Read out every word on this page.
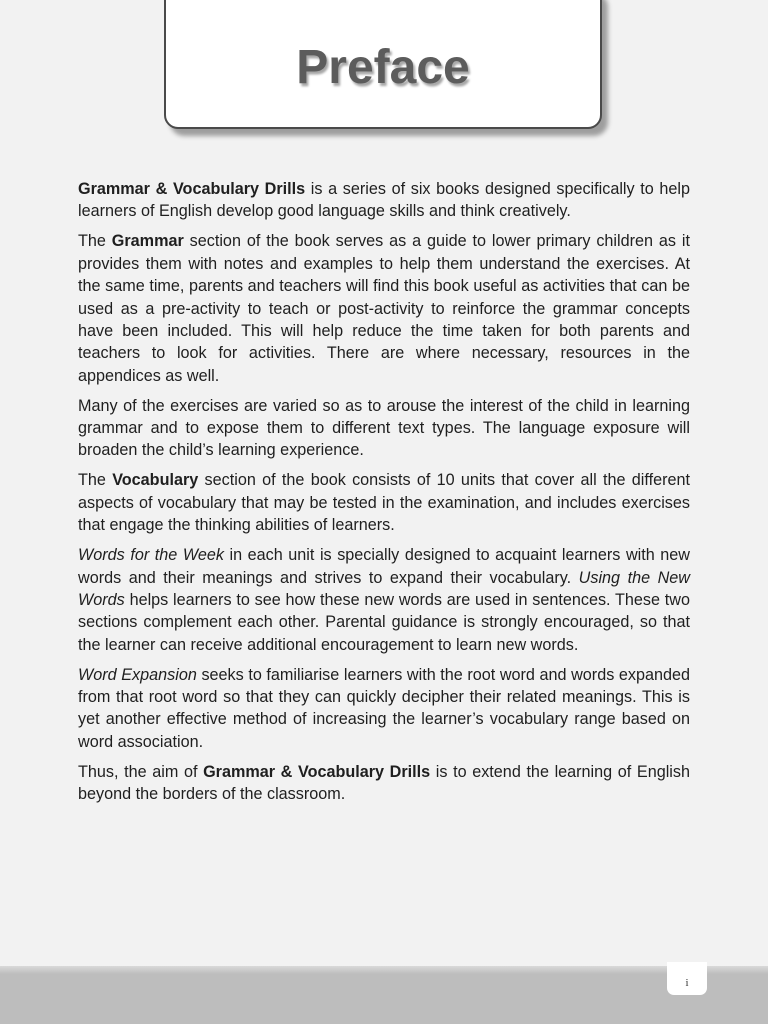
Preface

Grammar & Vocabulary Drills is a series of six books designed specifically to help learners of English develop good language skills and think creatively.

The Grammar section of the book serves as a guide to lower primary children as it provides them with notes and examples to help them understand the exercises. At the same time, parents and teachers will find this book useful as activities that can be used as a pre-activity to teach or post-activity to reinforce the grammar concepts have been included. This will help reduce the time taken for both parents and teachers to look for activities. There are where necessary, resources in the appendices as well.

Many of the exercises are varied so as to arouse the interest of the child in learning grammar and to expose them to different text types. The language exposure will broaden the child’s learning experience.

The Vocabulary section of the book consists of 10 units that cover all the different aspects of vocabulary that may be tested in the examination, and includes exercises that engage the thinking abilities of learners.

Words for the Week in each unit is specially designed to acquaint learners with new words and their meanings and strives to expand their vocabulary. Using the New Words helps learners to see how these new words are used in sentences. These two sections complement each other. Parental guidance is strongly encouraged, so that the learner can receive additional encouragement to learn new words.

Word Expansion seeks to familiarise learners with the root word and words expanded from that root word so that they can quickly decipher their related meanings. This is yet another effective method of increasing the learner’s vocabulary range based on word association.

Thus, the aim of Grammar & Vocabulary Drills is to extend the learning of English beyond the borders of the classroom.

i
